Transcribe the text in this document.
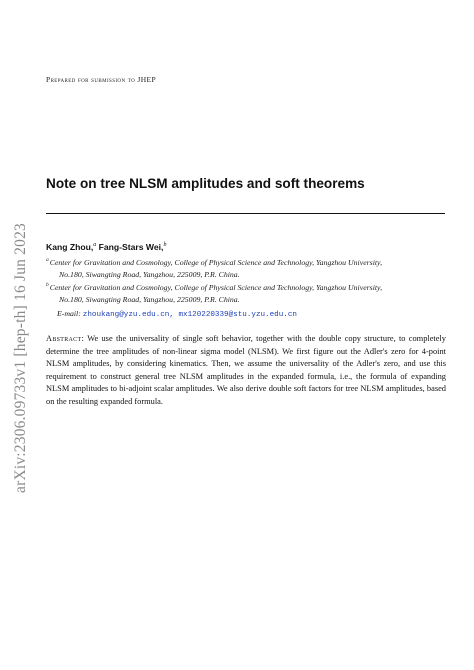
arXiv:2306.09733v1 [hep-th] 16 Jun 2023
Prepared for submission to JHEP
Note on tree NLSM amplitudes and soft theorems
Kang Zhou,$^a$ Fang-Stars Wei,$^b$
$^a$Center for Gravitation and Cosmology, College of Physical Science and Technology, Yangzhou University,
No.180, Siwangting Road, Yangzhou, 225009, P.R. China.
$^b$Center for Gravitation and Cosmology, College of Physical Science and Technology, Yangzhou University,
No.180, Siwangting Road, Yangzhou, 225009, P.R. China.
E-mail: zhoukang@yzu.edu.cn, mx120220339@stu.yzu.edu.cn

Abstract: We use the universality of single soft behavior, together with the double copy structure, to completely determine the tree amplitudes of non-linear sigma model (NLSM). We first figure out the Adler's zero for 4-point NLSM amplitudes, by considering kinematics. Then, we assume the universality of the Adler's zero, and use this requirement to construct general tree NLSM amplitudes in the expanded formula, i.e., the formula of expanding NLSM amplitudes to bi-adjoint scalar amplitudes. We also derive double soft factors for tree NLSM amplitudes, based on the resulting expanded formula.
